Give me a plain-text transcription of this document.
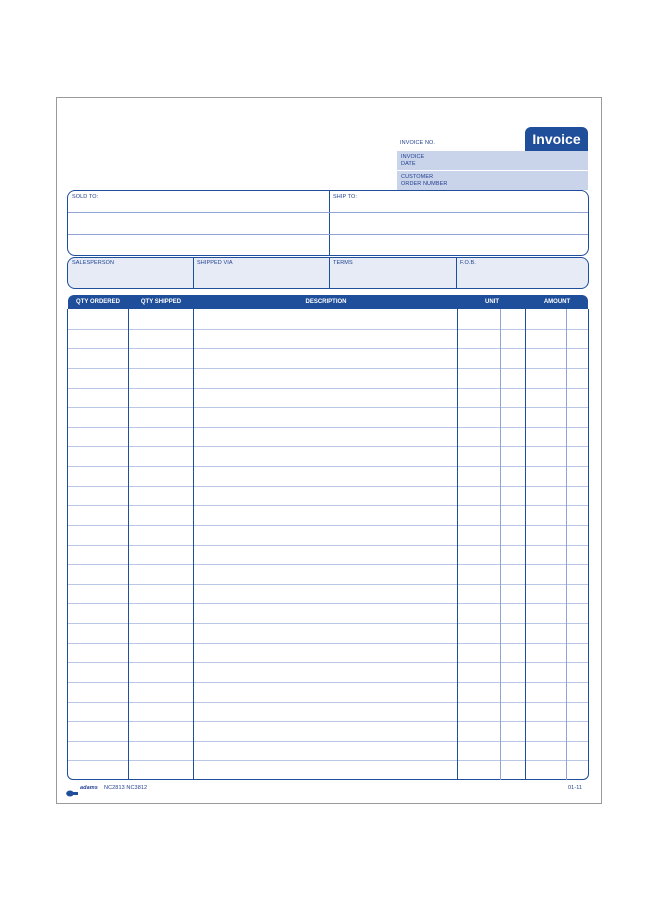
INVOICE NO.	Invoice
INVOICE
DATE
CUSTOMER
ORDER NUMBER
SOLD TO:	SHIP TO:
SALESPERSON	SHIPPED VIA	TERMS	F.O.B.
QTY ORDERED	QTY SHIPPED	DESCRIPTION	UNIT	AMOUNT
adams NC2813 NC3812	01-11
